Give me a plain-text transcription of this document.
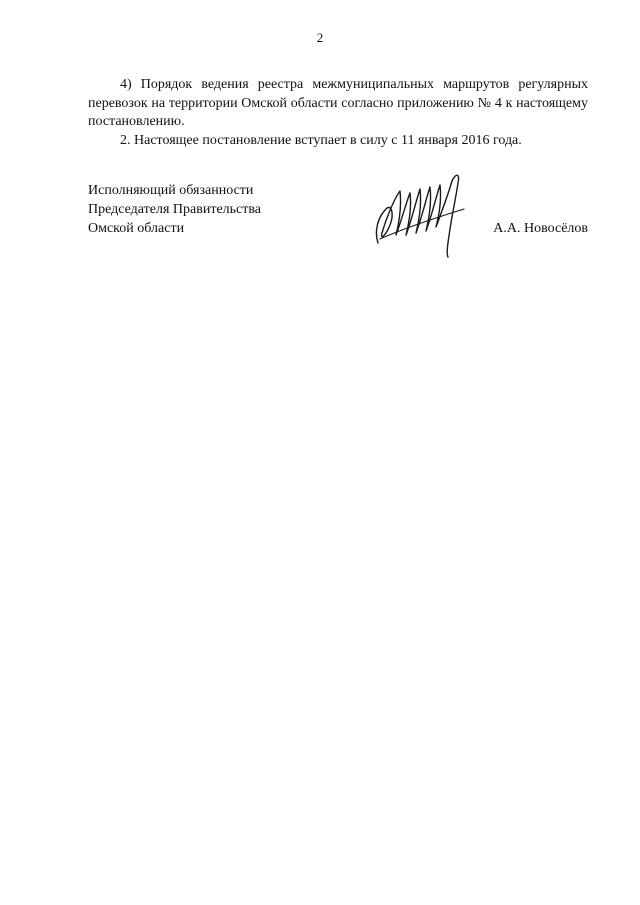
2

4) Порядок ведения реестра межмуниципальных маршрутов регулярных перевозок на территории Омской области согласно приложению № 4 к настоящему постановлению.

2. Настоящее постановление вступает в силу с 11 января 2016 года.

Исполняющий обязанности
Председателя Правительства
Омской области	А.А. Новосёлов
